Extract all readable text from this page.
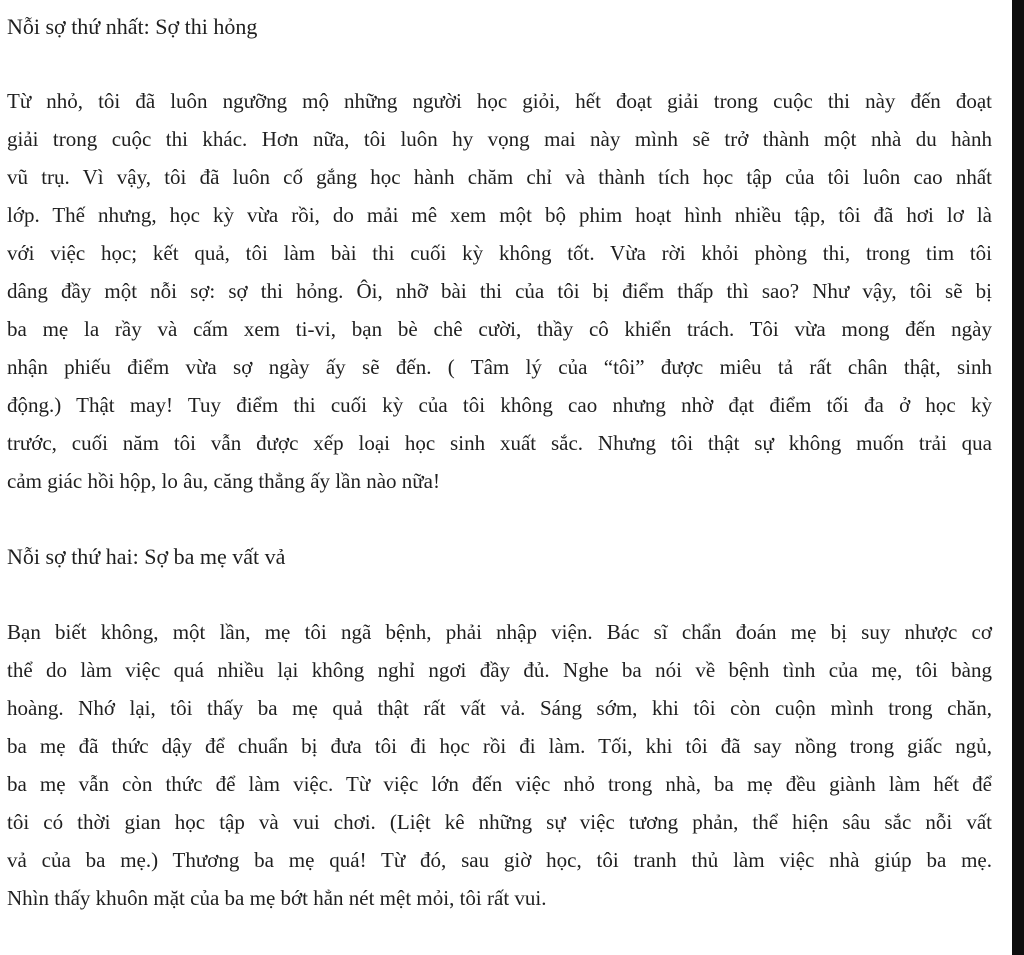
Nỗi sợ thứ nhất: Sợ thi hỏng
Từ nhỏ, tôi đã luôn ngưỡng mộ những người học giỏi, hết đoạt giải trong cuộc thi này đến đoạt
giải trong cuộc thi khác. Hơn nữa, tôi luôn hy vọng mai này mình sẽ trở thành một nhà du hành
vũ trụ. Vì vậy, tôi đã luôn cố gắng học hành chăm chỉ và thành tích học tập của tôi luôn cao nhất
lớp. Thế nhưng, học kỳ vừa rồi, do mải mê xem một bộ phim hoạt hình nhiều tập, tôi đã hơi lơ là
với việc học; kết quả, tôi làm bài thi cuối kỳ không tốt. Vừa rời khỏi phòng thi, trong tim tôi
dâng đầy một nỗi sợ: sợ thi hỏng. Ôi, nhỡ bài thi của tôi bị điểm thấp thì sao? Như vậy, tôi sẽ bị
ba mẹ la rầy và cấm xem ti-vi, bạn bè chê cười, thầy cô khiển trách. Tôi vừa mong đến ngày
nhận phiếu điểm vừa sợ ngày ấy sẽ đến. ( Tâm lý của “tôi” được miêu tả rất chân thật, sinh
động.) Thật may! Tuy điểm thi cuối kỳ của tôi không cao nhưng nhờ đạt điểm tối đa ở học kỳ
trước, cuối năm tôi vẫn được xếp loại học sinh xuất sắc. Nhưng tôi thật sự không muốn trải qua
cảm giác hồi hộp, lo âu, căng thẳng ấy lần nào nữa!
Nỗi sợ thứ hai: Sợ ba mẹ vất vả
Bạn biết không, một lần, mẹ tôi ngã bệnh, phải nhập viện. Bác sĩ chẩn đoán mẹ bị suy nhược cơ
thể do làm việc quá nhiều lại không nghỉ ngơi đầy đủ. Nghe ba nói về bệnh tình của mẹ, tôi bàng
hoàng. Nhớ lại, tôi thấy ba mẹ quả thật rất vất vả. Sáng sớm, khi tôi còn cuộn mình trong chăn,
ba mẹ đã thức dậy để chuẩn bị đưa tôi đi học rồi đi làm. Tối, khi tôi đã say nồng trong giấc ngủ,
ba mẹ vẫn còn thức để làm việc. Từ việc lớn đến việc nhỏ trong nhà, ba mẹ đều giành làm hết để
tôi có thời gian học tập và vui chơi. (Liệt kê những sự việc tương phản, thể hiện sâu sắc nỗi vất
vả của ba mẹ.) Thương ba mẹ quá! Từ đó, sau giờ học, tôi tranh thủ làm việc nhà giúp ba mẹ.
Nhìn thấy khuôn mặt của ba mẹ bớt hẳn nét mệt mỏi, tôi rất vui.
